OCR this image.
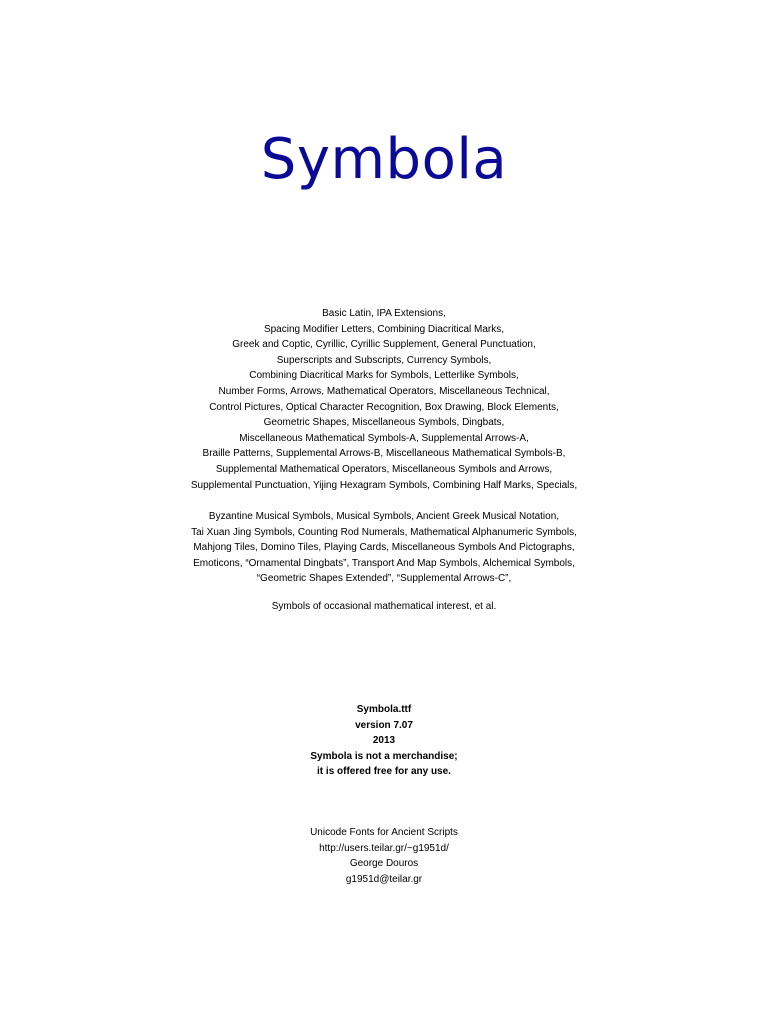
Symbola
Basic Latin, IPA Extensions,
Spacing Modifier Letters, Combining Diacritical Marks,
Greek and Coptic, Cyrillic, Cyrillic Supplement, General Punctuation,
Superscripts and Subscripts, Currency Symbols,
Combining Diacritical Marks for Symbols, Letterlike Symbols,
Number Forms, Arrows, Mathematical Operators, Miscellaneous Technical,
Control Pictures, Optical Character Recognition, Box Drawing, Block Elements,
Geometric Shapes, Miscellaneous Symbols, Dingbats,
Miscellaneous Mathematical Symbols-A, Supplemental Arrows-A,
Braille Patterns, Supplemental Arrows-B, Miscellaneous Mathematical Symbols-B,
Supplemental Mathematical Operators, Miscellaneous Symbols and Arrows,
Supplemental Punctuation, Yijing Hexagram Symbols, Combining Half Marks, Specials,
Byzantine Musical Symbols, Musical Symbols, Ancient Greek Musical Notation,
Tai Xuan Jing Symbols, Counting Rod Numerals, Mathematical Alphanumeric Symbols,
Mahjong Tiles, Domino Tiles, Playing Cards, Miscellaneous Symbols And Pictographs,
Emoticons, “Ornamental Dingbats”, Transport And Map Symbols, Alchemical Symbols,
“Geometric Shapes Extended”, “Supplemental Arrows-C”,
Symbols of occasional mathematical interest, et al.
Symbola.ttf
version 7.07
2013
Symbola is not a merchandise;
it is offered free for any use.
Unicode Fonts for Ancient Scripts
http://users.teilar.gr/~g1951d/
George Douros
g1951d@teilar.gr
